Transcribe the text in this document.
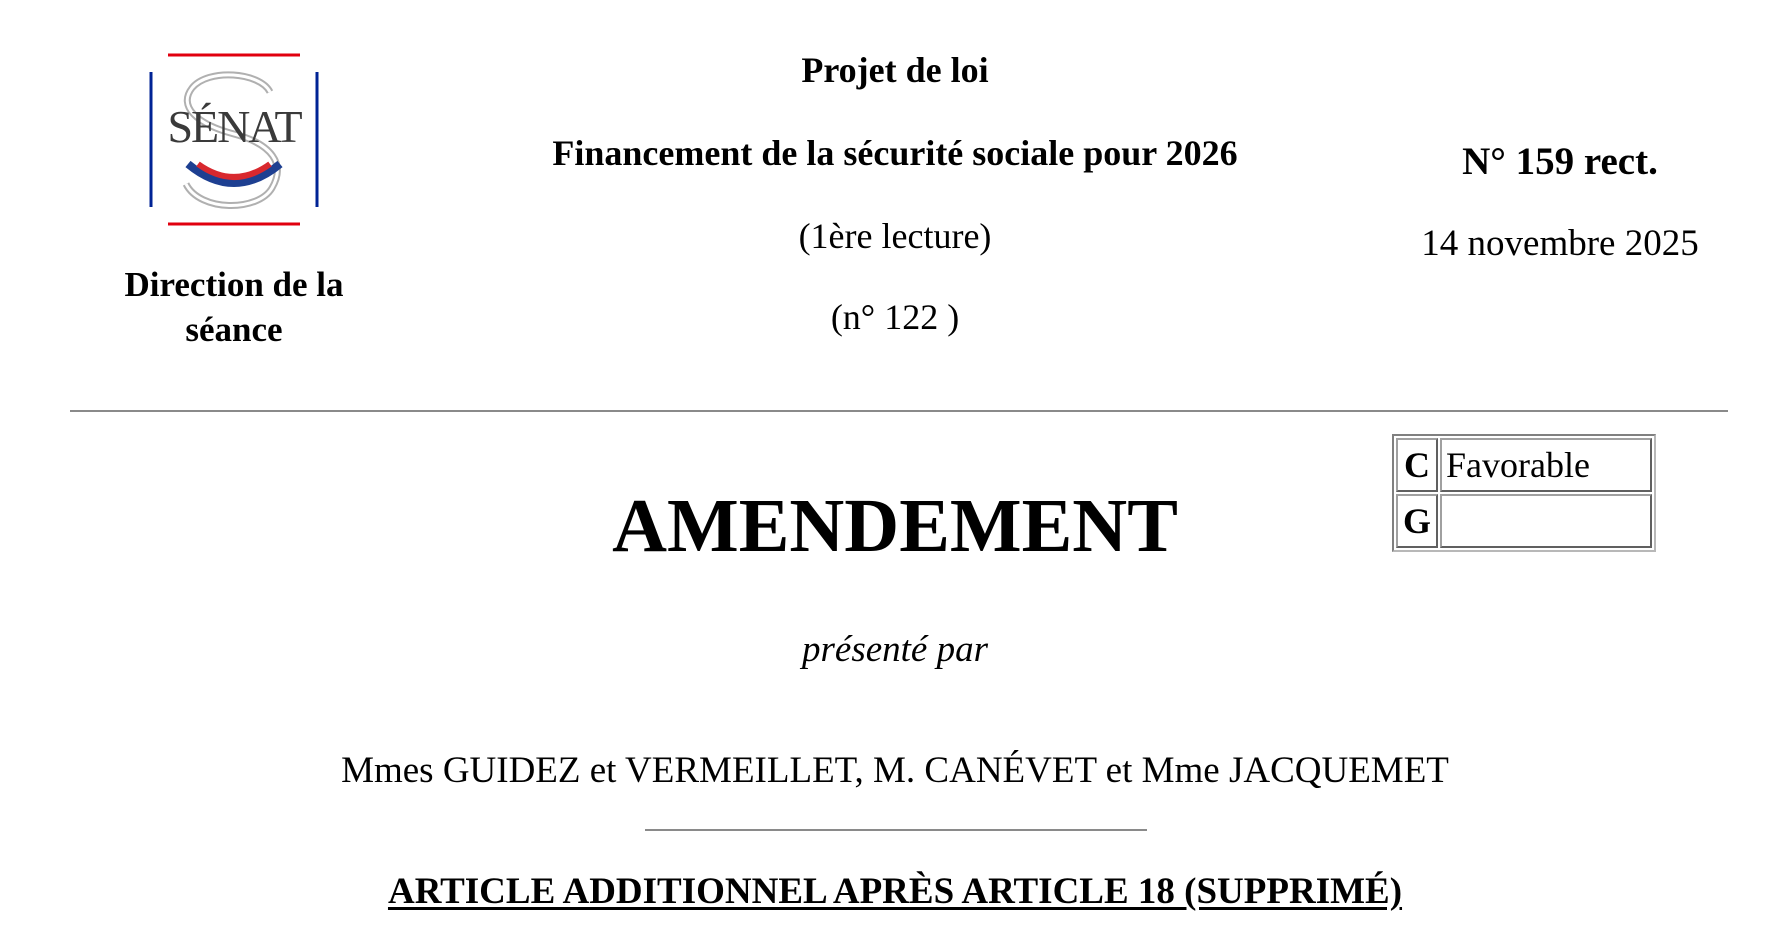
SÉNAT
Direction de la séance
Projet de loi
Financement de la sécurité sociale pour 2026
(1ère lecture)
(n° 122 )
N° 159 rect.
14 novembre 2025
C	Favorable
G	
AMENDEMENT
présenté par
Mmes GUIDEZ et VERMEILLET, M. CANÉVET et Mme JACQUEMET
ARTICLE ADDITIONNEL APRÈS ARTICLE 18 (SUPPRIMÉ)
